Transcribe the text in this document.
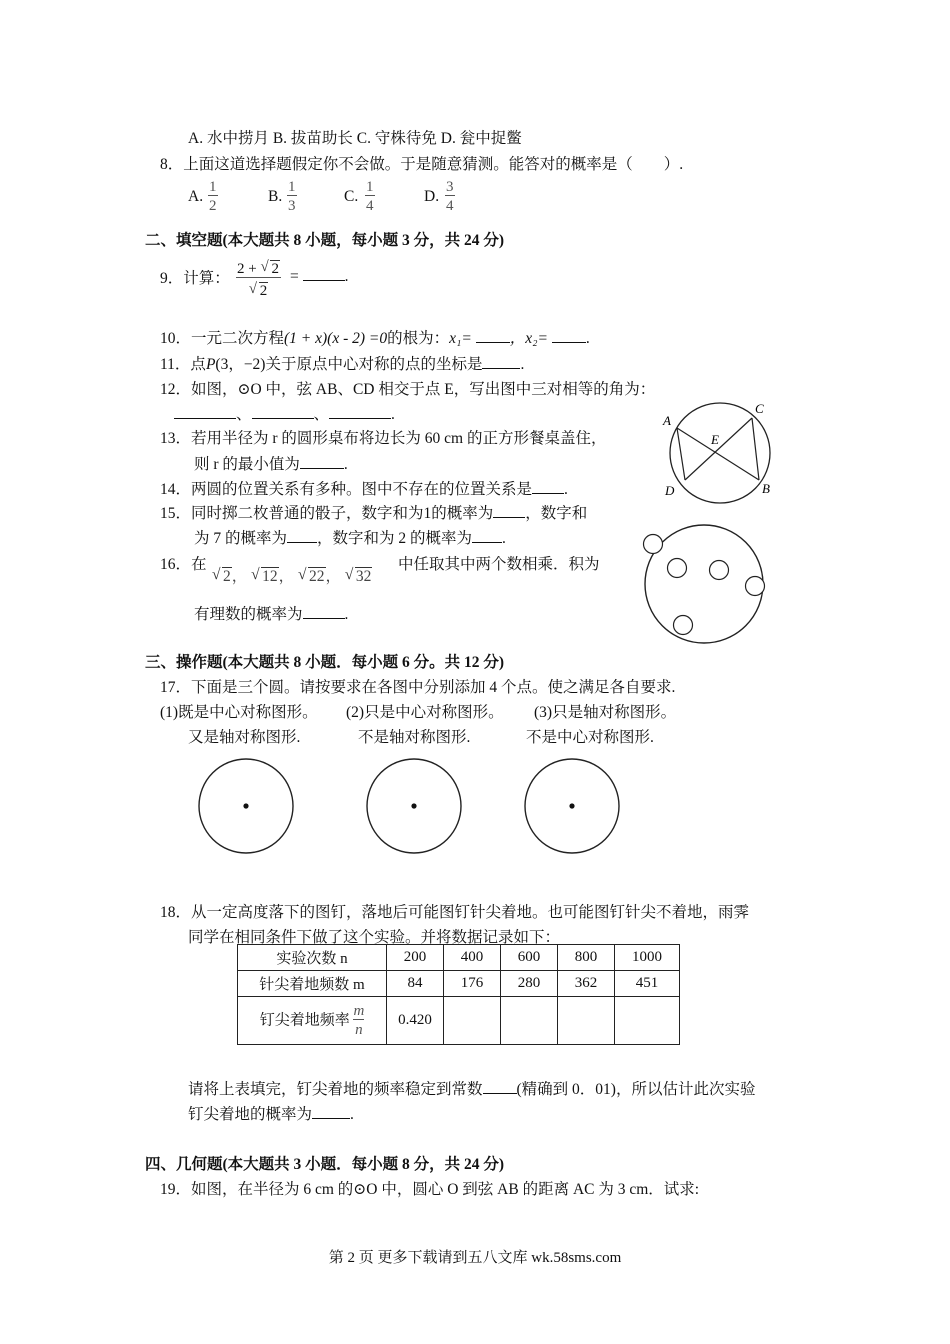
A. 水中捞月 B. 拔苗助长 C. 守株待免 D. 瓮中捉鳖
8．上面这道选择题假定你不会做。于是随意猜测。能答对的概率是（　　）.
A. $\frac{1}{2}$	B. $\frac{1}{3}$	C. $\frac{1}{4}$	D. $\frac{3}{4}$
二、填空题(本大题共 8 小题，每小题 3 分，共 24 分)
9．计算： 2 + √ 2
√ 2 =	.
10．一元二次方程(1 + x)(x - 2) =0的根为：x₁= ，x₂= .
11．点P(3，−2)关于原点中心对称的点的坐标是 .
12．如图，⊙O 中，弦 AB、CD 相交于点 E，写出图中三对相等的角为：
、	、	.
13．若用半径为 r 的圆形桌布将边长为 60 cm 的正方形餐桌盖住，
则 r 的最小值为	.
14．两圆的位置关系有多种。图中不存在的位置关系是 .
15．同时掷二枚普通的骰子，数字和为1的概率为 ，数字和
为 7 的概率为 ，数字和为 2 的概率为 .
16．在
√ 2， √ 12， √ 22， √ 32
中任取其中两个数相乘．积为
有理数的概率为	.
A
C
E
D	B
三、操作题(本大题共 8 小题．每小题 6 分。共 12 分)
17．下面是三个圆。请按要求在各图中分别添加 4 个点。使之满足各自要求.
(1)既是中心对称图形。 (2)只是中心对称图形。 (3)只是轴对称图形。
又是轴对称图形.	不是轴对称图形.	不是中心对称图形.
18．从一定高度落下的图钉，落地后可能图钉针尖着地。也可能图钉针尖不着地，雨霁
同学在相同条件下做了这个实验。并将数据记录如下：
实验次数 n	200	400	600	800	1000
针尖着地频数 m	84	176	280	362	451
钉尖着地频率 $\frac{m}{n}$	0.420				
请将上表填完，钉尖着地的频率稳定到常数 (精确到 0．01)，所以估计此次实验
钉尖着地的概率为 .
四、几何题(本大题共 3 小题．每小题 8 分，共 24 分)
19．如图，在半径为 6 cm 的⊙O 中，圆心 O 到弦 AB 的距离 AC 为 3 cm．试求:
第 2 页 更多下载请到五八文库 wk.58sms.com
